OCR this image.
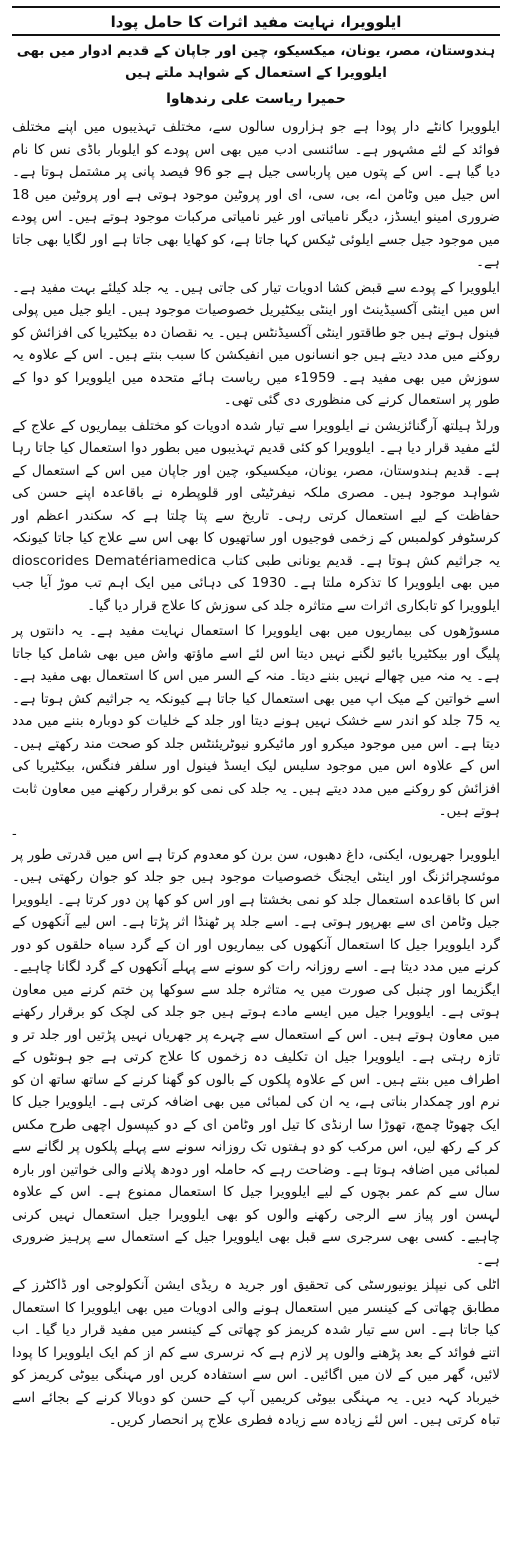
ایلوویرا، نہایت مفید اثرات کا حامل پودا
ہندوستان، مصر، یونان، میکسیکو، چین اور جاپان کے قدیم ادوار میں بھی ایلوویرا کے استعمال کے شواہد ملتے ہیں
حمیرا ریاست علی رندھاوا

ایلوویرا کانٹے دار پودا ہے جو ہزاروں سالوں سے، مختلف تہذیبوں میں اپنے مختلف فوائد کے لئے مشہور ہے۔ سائنسی ادب میں بھی اس پودے کو ایلوبار باڈی نس کا نام دیا گیا ہے۔ اس کے پتوں میں پارباسی جیل ہے جو 96 فیصد پانی پر مشتمل ہوتا ہے۔ اس جیل میں وٹامن اے، بی، سی، ای اور پروٹین موجود ہوتی ہے اور پروٹین میں 18 ضروری امینو ایسڈز، دیگر نامیاتی اور غیر نامیاتی مرکبات موجود ہوتے ہیں۔ اس پودے میں موجود جیل جسے ایلوئی ٹیکس کہا جاتا ہے، کو کھایا بھی جاتا ہے اور لگایا بھی جاتا ہے۔

ایلوویرا کے پودے سے قبض کشا ادویات تیار کی جاتی ہیں۔ یہ جلد کیلئے بہت مفید ہے۔ اس میں اینٹی آکسیڈینٹ اور اینٹی بیکٹیریل خصوصیات موجود ہیں۔ ایلو جیل میں پولی فینول ہوتے ہیں جو طاقتور اینٹی آکسیڈنٹس ہیں۔ یہ نقصان دہ بیکٹیریا کی افزائش کو روکنے میں مدد دیتے ہیں جو انسانوں میں انفیکشن کا سبب بنتے ہیں۔ اس کے علاوہ یہ سوزش میں بھی مفید ہے۔ 1959ء میں ریاست ہائے متحدہ میں ایلوویرا کو دوا کے طور پر استعمال کرنے کی منظوری دی گئی تھی۔

ورلڈ ہیلتھ آرگنائزیشن نے ایلوویرا سے تیار شدہ ادویات کو مختلف بیماریوں کے علاج کے لئے مفید قرار دیا ہے۔ ایلوویرا کو کئی قدیم تہذیبوں میں بطور دوا استعمال کیا جاتا رہا ہے۔ قدیم ہندوستان، مصر، یونان، میکسیکو، چین اور جاپان میں اس کے استعمال کے شواہد موجود ہیں۔ مصری ملکہ نیفرٹیٹی اور قلوپطرہ نے باقاعدہ اپنے حسن کی حفاظت کے لیے استعمال کرتی رہی۔ تاریخ سے پتا چلتا ہے کہ سکندر اعظم اور کرسٹوفر کولمبس کے زخمی فوجیوں اور ساتھیوں کا بھی اس سے علاج کیا جاتا کیونکہ یہ جراثیم کش ہوتا ہے۔ قدیم یونانی طبی کتاب dioscorides Dematériamedica میں بھی ایلوویرا کا تذکرہ ملتا ہے۔ 1930 کی دہائی میں ایک اہم تب موڑ آیا جب ایلوویرا کو تابکاری اثرات سے متاثرہ جلد کی سوزش کا علاج قرار دیا گیا۔

مسوڑھوں کی بیماریوں میں بھی ایلوویرا کا استعمال نہایت مفید ہے۔ یہ دانتوں پر پلیگ اور بیکٹیریا بائیو لگنے نہیں دیتا اس لئے اسے ماؤتھ واش میں بھی شامل کیا جاتا ہے۔ یہ منہ میں چھالے نہیں بننے دیتا۔ منہ کے السر میں اس کا استعمال بھی مفید ہے۔ اسے خواتین کے میک اپ میں بھی استعمال کیا جاتا ہے کیونکہ یہ جراثیم کش ہوتا ہے۔ یہ 75 جلد کو اندر سے خشک نہیں ہونے دیتا اور جلد کے خلیات کو دوبارہ بننے میں مدد دیتا ہے۔ اس میں موجود میکرو اور مائیکرو نیوٹریئنٹس جلد کو صحت مند رکھتے ہیں۔ اس کے علاوہ اس میں موجود سلیس لیک ایسڈ فینول اور سلفر فنگس، بیکٹیریا کی افزائش کو روکنے میں مدد دیتے ہیں۔ یہ جلد کی نمی کو برقرار رکھنے میں معاون ثابت ہوتے ہیں۔

-

ایلوویرا جھریوں، ایکنی، داغ دھبوں، سن برن کو معدوم کرتا ہے اس میں قدرتی طور پر موئسچرائزنگ اور اینٹی ایجنگ خصوصیات موجود ہیں جو جلد کو جوان رکھتی ہیں۔ اس کا باقاعدہ استعمال جلد کو نمی بخشتا ہے اور اس کو کھا پن دور کرتا ہے۔ ایلوویرا جیل وٹامن ای سے بھرپور ہوتی ہے۔ اسے جلد پر ٹھنڈا اثر پڑتا ہے۔ اس لیے آنکھوں کے گرد ایلوویرا جیل کا استعمال آنکھوں کی بیماریوں اور ان کے گرد سیاہ حلقوں کو دور کرنے میں مدد دیتا ہے۔ اسے روزانہ رات کو سونے سے پہلے آنکھوں کے گرد لگانا چاہیے۔ ایگزیما اور چنبل کی صورت میں یہ متاثرہ جلد سے سوکھا پن ختم کرنے میں معاون ہوتی ہے۔ ایلوویرا جیل میں ایسے مادے ہوتے ہیں جو جلد کی لچک کو برقرار رکھنے میں معاون ہوتے ہیں۔ اس کے استعمال سے چہرے پر جھریاں نہیں پڑتیں اور جلد تر و تازہ رہتی ہے۔ ایلوویرا جیل ان تکلیف دہ زخموں کا علاج کرتی ہے جو ہونٹوں کے اطراف میں بنتے ہیں۔ اس کے علاوہ پلکوں کے بالوں کو گھنا کرنے کے ساتھ ساتھ ان کو نرم اور چمکدار بناتی ہے، یہ ان کی لمبائی میں بھی اضافہ کرتی ہے۔ ایلوویرا جیل کا ایک چھوٹا چمچ، تھوڑا سا ارنڈی کا تیل اور وٹامن ای کے دو کیپسول اچھی طرح مکس کر کے رکھ لیں، اس مرکب کو دو ہفتوں تک روزانہ سونے سے پہلے پلکوں پر لگانے سے لمبائی میں اضافہ ہوتا ہے۔ وضاحت رہے کہ حاملہ اور دودھ پلانے والی خواتین اور بارہ سال سے کم عمر بچوں کے لیے ایلوویرا جیل کا استعمال ممنوع ہے۔ اس کے علاوہ لہسن اور پیاز سے الرجی رکھنے والوں کو بھی ایلوویرا جیل استعمال نہیں کرنی چاہیے۔ کسی بھی سرجری سے قبل بھی ایلوویرا جیل کے استعمال سے پرہیز ضروری ہے۔

اٹلی کی نیپلز یونیورسٹی کی تحقیق اور جرید ہ ریڈی ایشن آنکولوجی اور ڈاکٹرز کے مطابق چھاتی کے کینسر میں استعمال ہونے والی ادویات میں بھی ایلوویرا کا استعمال کیا جاتا ہے۔ اس سے تیار شدہ کریمز کو چھاتی کے کینسر میں مفید قرار دیا گیا۔ اب اتنے فوائد کے بعد پڑھنے والوں پر لازم ہے کہ نرسری سے کم از کم ایک ایلوویرا کا پودا لائیں، گھر میں کے لان میں اگائیں۔ اس سے استفادہ کریں اور مہنگی بیوٹی کریمز کو خیرباد کہہ دیں۔ یہ مہنگی بیوٹی کریمیں آپ کے حسن کو دوبالا کرنے کے بجائے اسے تباہ کرتی ہیں۔ اس لئے زیادہ سے زیادہ فطری علاج پر انحصار کریں۔
